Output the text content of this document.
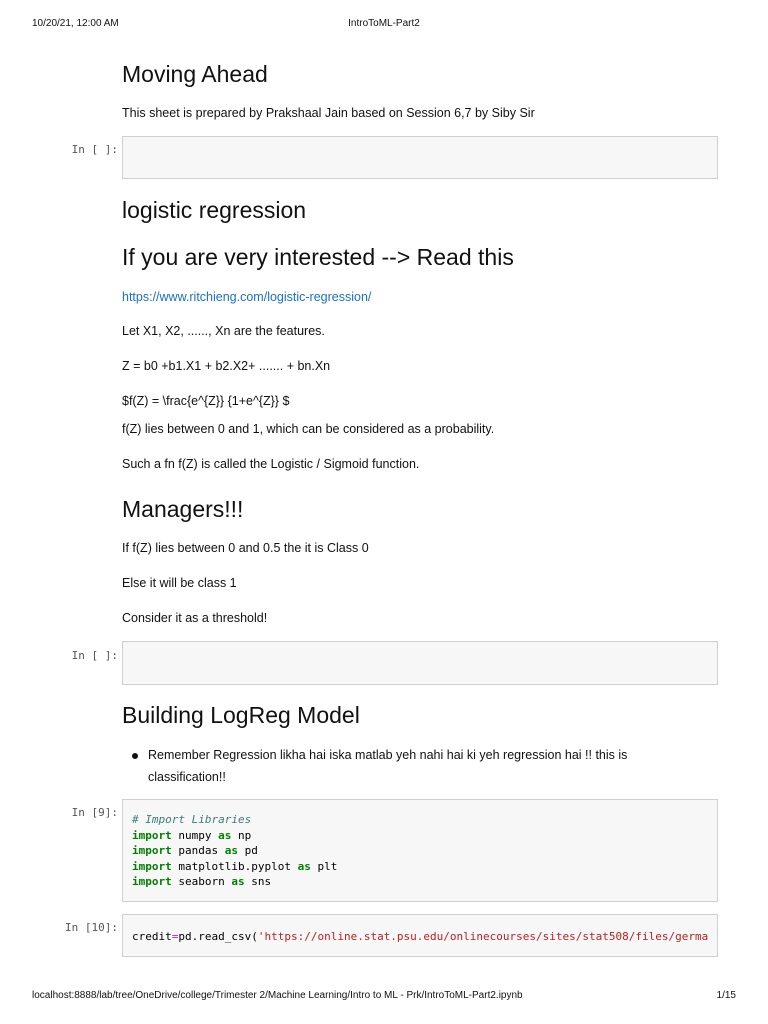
10/20/21, 12:00 AM	IntroToML-Part2
Moving Ahead
This sheet is prepared by Prakshaal Jain based on Session 6,7 by Siby Sir
In [ ]:
logistic regression
If you are very interested --> Read this
https://www.ritchieng.com/logistic-regression/
Let X1, X2, ......, Xn are the features.
Z = b0 +b1.X1 + b2.X2+ ....... + bn.Xn
$f(Z) = \frac{e^{Z}} {1+e^{Z}} $
f(Z) lies between 0 and 1, which can be considered as a probability.
Such a fn f(Z) is called the Logistic / Sigmoid function.
Managers!!!
If f(Z) lies between 0 and 0.5 the it is Class 0
Else it will be class 1
Consider it as a threshold!
In [ ]:
Building LogReg Model
Remember Regression likha hai iska matlab yeh nahi hai ki yeh regression hai !! this is
classification!!
In [9]:
# Import Libraries
import numpy as np
import pandas as pd
import matplotlib.pyplot as plt
import seaborn as sns
In [10]:
credit=pd.read_csv('https://online.stat.psu.edu/onlinecourses/sites/stat508/files/germa
localhost:8888/lab/tree/OneDrive/college/Trimester 2/Machine Learning/Intro to ML - Prk/IntroToML-Part2.ipynb	1/15
